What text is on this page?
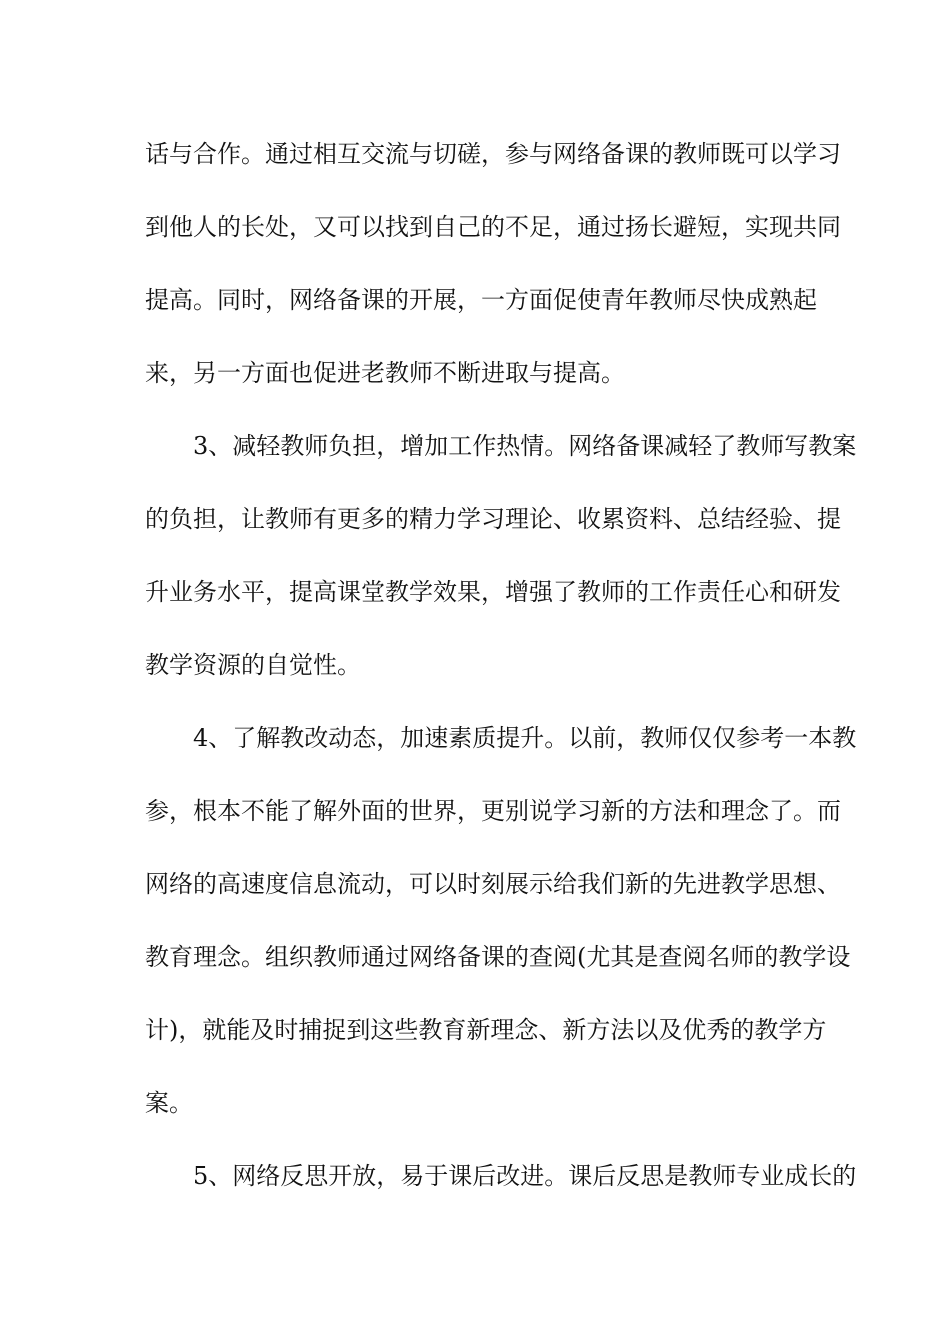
话与合作。通过相互交流与切磋，参与网络备课的教师既可以学习
到他人的长处，又可以找到自己的不足，通过扬长避短，实现共同
提高。同时，网络备课的开展，一方面促使青年教师尽快成熟起
来，另一方面也促进老教师不断进取与提高。
3、减轻教师负担，增加工作热情。网络备课减轻了教师写教案
的负担，让教师有更多的精力学习理论、收累资料、总结经验、提
升业务水平，提高课堂教学效果，增强了教师的工作责任心和研发
教学资源的自觉性。
4、了解教改动态，加速素质提升。以前，教师仅仅参考一本教
参，根本不能了解外面的世界，更别说学习新的方法和理念了。而
网络的高速度信息流动，可以时刻展示给我们新的先进教学思想、
教育理念。组织教师通过网络备课的查阅(尤其是查阅名师的教学设
计)，就能及时捕捉到这些教育新理念、新方法以及优秀的教学方
案。
5、网络反思开放，易于课后改进。课后反思是教师专业成长的
